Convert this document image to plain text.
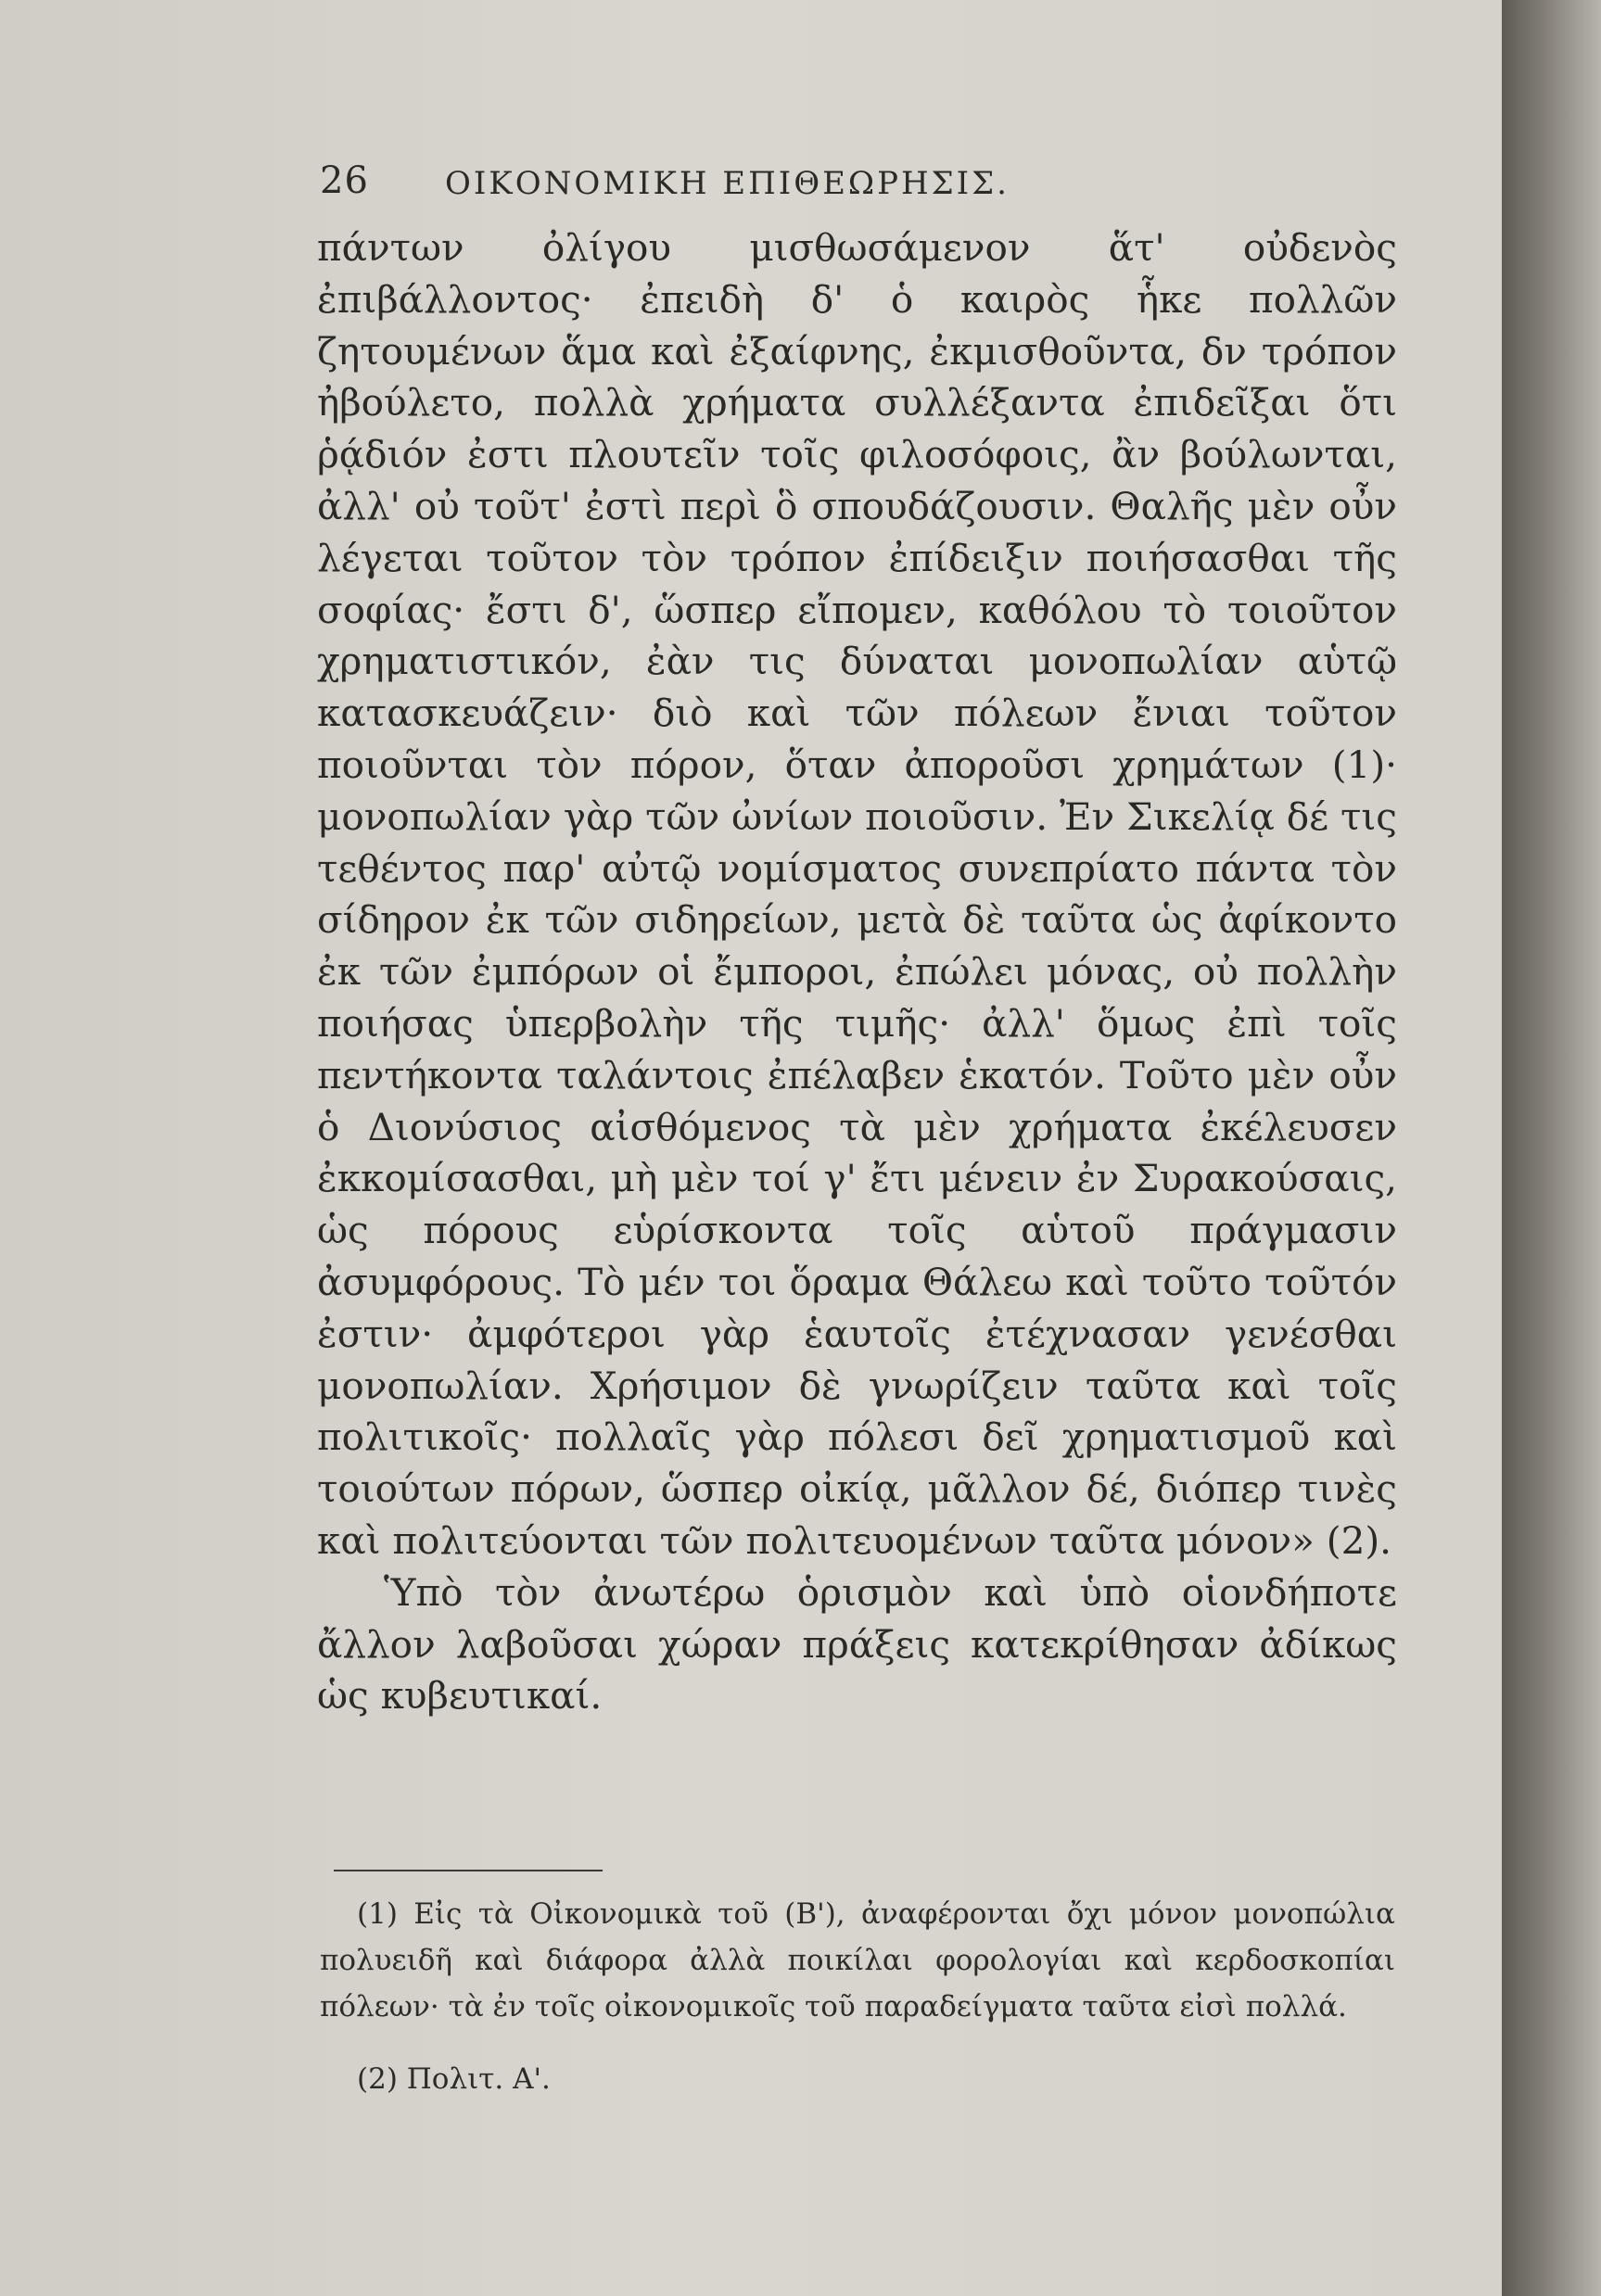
26 ΟΙΚΟΝΟΜΙΚΗ ΕΠΙΘΕΩΡΗΣΙΣ.

πάντων ὀλίγου μισθωσάμενον ἅτ' οὐδενὸς ἐπιβάλλοντος· ἐπειδὴ δ' ὁ καιρὸς ἧκε πολλῶν ζητουμένων ἅμα καὶ ἐξαίφνης, ἐκμισθοῦντα, δν τρόπον ἠβούλετο, πολλὰ χρήματα συλλέξαντα ἐπιδεῖξαι ὅτι ῥᾴδιόν ἐστι πλουτεῖν τοῖς φιλοσόφοις, ἂν βούλωνται, ἀλλ' οὐ τοῦτ' ἐστὶ περὶ ὃ σπουδάζουσιν. Θαλῆς μὲν οὖν λέγεται τοῦτον τὸν τρόπον ἐπίδειξιν ποιήσασθαι τῆς σοφίας· ἔστι δ', ὥσπερ εἴπομεν, καθόλου τὸ τοιοῦτον χρηματιστικόν, ἐὰν τις δύναται μονοπωλίαν αὑτῷ κατασκευάζειν· διὸ καὶ τῶν πόλεων ἔνιαι τοῦτον ποιοῦνται τὸν πόρον, ὅταν ἀποροῦσι χρημάτων (1)· μονοπωλίαν γὰρ τῶν ὠνίων ποιοῦσιν. Ἐν Σικελίᾳ δέ τις τεθέντος παρ' αὐτῷ νομίσματος συνεπρίατο πάντα τὸν σίδηρον ἐκ τῶν σιδηρείων, μετὰ δὲ ταῦτα ὡς ἀφίκοντο ἐκ τῶν ἐμπόρων οἱ ἔμποροι, ἐπώλει μόνας, οὐ πολλὴν ποιήσας ὑπερβολὴν τῆς τιμῆς· ἀλλ' ὅμως ἐπὶ τοῖς πεντήκοντα ταλάντοις ἐπέλαβεν ἑκατόν. Τοῦτο μὲν οὖν ὁ Διονύσιος αἰσθόμενος τὰ μὲν χρήματα ἐκέλευσεν ἐκκομίσασθαι, μὴ μὲν τοί γ' ἔτι μένειν ἐν Συρακούσαις, ὡς πόρους εὑρίσκοντα τοῖς αὑτοῦ πράγμασιν ἀσυμφόρους. Τὸ μέν τοι ὅραμα Θάλεω καὶ τοῦτο τοῦτόν ἐστιν· ἀμφότεροι γὰρ ἑαυτοῖς ἐτέχνασαν γενέσθαι μονοπωλίαν. Χρήσιμον δὲ γνωρίζειν ταῦτα καὶ τοῖς πολιτικοῖς· πολλαῖς γὰρ πόλεσι δεῖ χρηματισμοῦ καὶ τοιούτων πόρων, ὥσπερ οἰκίᾳ, μᾶλλον δέ, διόπερ τινὲς καὶ πολιτεύονται τῶν πολιτευομένων ταῦτα μόνον» (2).

Ὑπὸ τὸν ἀνωτέρω ὁρισμὸν καὶ ὑπὸ οἱονδήποτε ἄλλον λαβοῦσαι χώραν πράξεις κατεκρίθησαν ἀδίκως ὡς κυβευτικαί.

(1) Εἰς τὰ Οἰκονομικὰ τοῦ (Β'), ἀναφέρονται ὄχι μόνον μονοπώλια πολυειδῆ καὶ διάφορα ἀλλὰ ποικίλαι φορολογίαι καὶ κερδοσκοπίαι πόλεων· τὰ ἐν τοῖς οἰκονομικοῖς τοῦ παραδείγματα ταῦτα εἰσὶ πολλά.

(2) Πολιτ. Α'.
